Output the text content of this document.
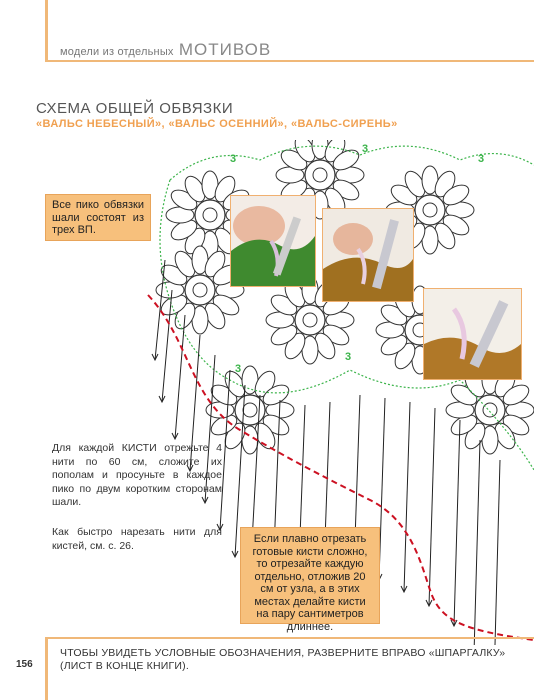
модели из отдельных МОТИВОВ
СХЕМА ОБЩЕЙ ОБВЯЗКИ
«ВАЛЬС НЕБЕСНЫЙ», «ВАЛЬС ОСЕННИЙ», «ВАЛЬС-СИРЕНЬ»
3
3
3
3
3
Все пико обвязки шали состоят из трех ВП.
Если плавно отрезать готовые кисти сложно, то отрезайте каждую отдельно, отложив 20 см от узла, а в этих местах делайте кисти на пару сантиметров длиннее.
Для каждой КИСТИ отрежьте 4 нити по 60 см, сложите их пополам и просуньте в каждое пико по двум коротким сторонам шали.
Как быстро нарезать нити для кистей, см. с. 26.
156
ЧТОБЫ УВИДЕТЬ УСЛОВНЫЕ ОБОЗНАЧЕНИЯ, РАЗВЕРНИТЕ ВПРАВО «ШПАРГАЛКУ» (ЛИСТ В КОНЦЕ КНИГИ).
